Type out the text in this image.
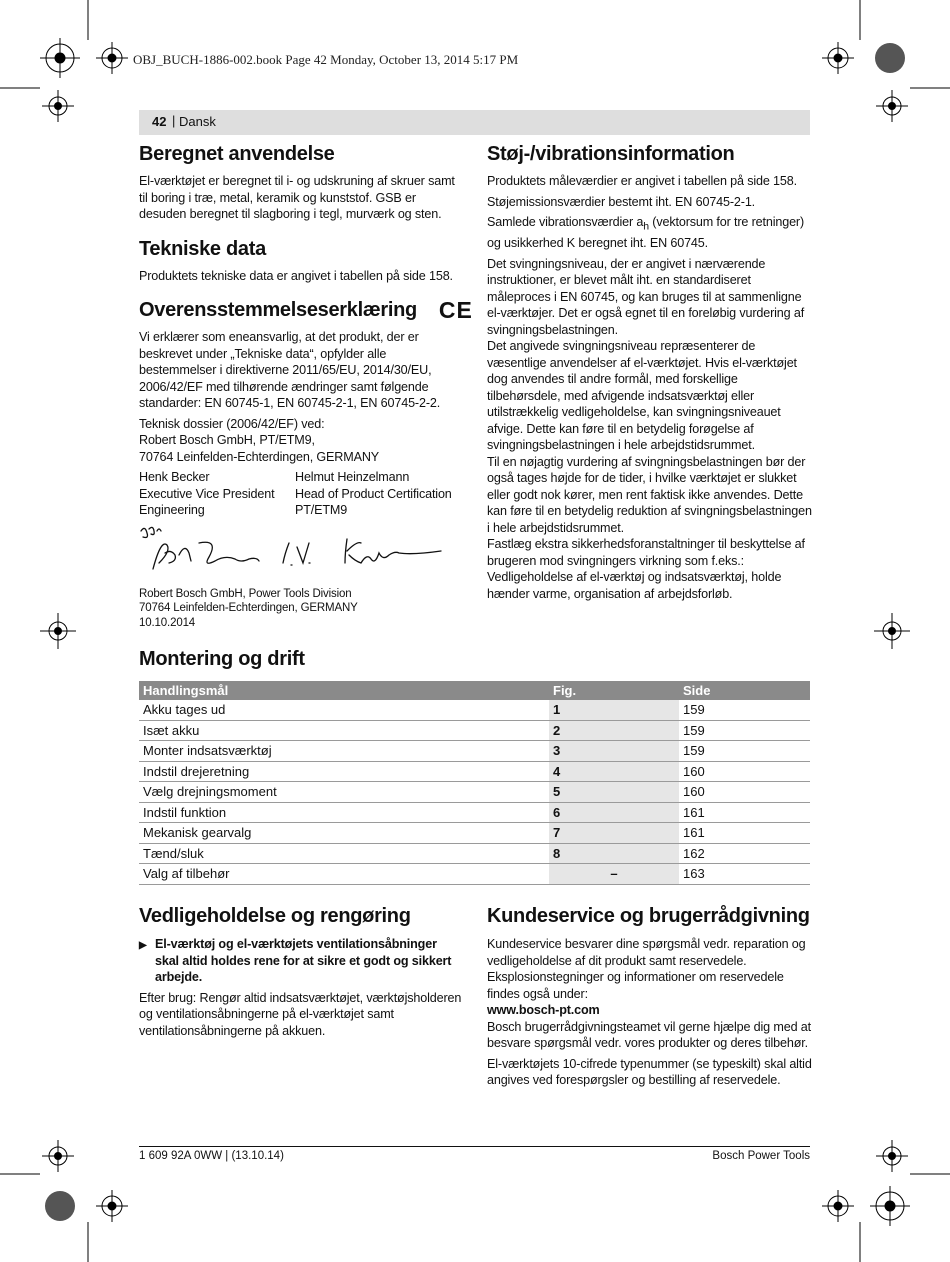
OBJ_BUCH-1886-002.book Page 42 Monday, October 13, 2014 5:17 PM
42 | Dansk
Beregnet anvendelse

El-værktøjet er beregnet til i- og udskruning af skruer samt til boring i træ, metal, keramik og kunststof. GSB er desuden beregnet til slagboring i tegl, murværk og sten.

Tekniske data

Produktets tekniske data er angivet i tabellen på side 158.

Overensstemmelseserklæring CE

Vi erklærer som eneansvarlig, at det produkt, der er beskrevet under „Tekniske data“, opfylder alle bestemmelser i direktiverne 2011/65/EU, 2014/30/EU, 2006/42/EF med tilhørende ændringer samt følgende standarder: EN 60745-1, EN 60745-2-1, EN 60745-2-2.

Teknisk dossier (2006/42/EF) ved:
Robert Bosch GmbH, PT/ETM9,
70764 Leinfelden-Echterdingen, GERMANY
Henk Becker
Executive Vice President
Engineering
Helmut Heinzelmann
Head of Product Certification
PT/ETM9
Robert Bosch GmbH, Power Tools Division
70764 Leinfelden-Echterdingen, GERMANY
10.10.2014
Støj-/vibrationsinformation

Produktets måleværdier er angivet i tabellen på side 158.

Støjemissionsværdier bestemt iht. EN 60745-2-1.

Samlede vibrationsværdier $a_h$ (vektorsum for tre retninger) og usikkerhed K beregnet iht. EN 60745.

Det svingningsniveau, der er angivet i nærværende instruktioner, er blevet målt iht. en standardiseret måleproces i EN 60745, og kan bruges til at sammenligne el-værktøjer. Det er også egnet til en foreløbig vurdering af svingningsbelastningen.

Det angivede svingningsniveau repræsenterer de væsentlige anvendelser af el-værktøjet. Hvis el-værktøjet dog anvendes til andre formål, med forskellige tilbehørsdele, med afvigende indsatsværktøj eller utilstrækkelig vedligeholdelse, kan svingningsniveauet afvige. Dette kan føre til en betydelig forøgelse af svingningsbelastningen i hele arbejdstidsrummet.

Til en nøjagtig vurdering af svingningsbelastningen bør der også tages højde for de tider, i hvilke værktøjet er slukket eller godt nok kører, men rent faktisk ikke anvendes. Dette kan føre til en betydelig reduktion af svingningsbelastningen i hele arbejdstidsrummet.

Fastlæg ekstra sikkerhedsforanstaltninger til beskyttelse af brugeren mod svingningers virkning som f.eks.: Vedligeholdelse af el-værktøj og indsatsværktøj, holde hænder varme, organisation af arbejdsforløb.

Montering og drift
Handlingsmål	Fig.	Side
Akku tages ud	1	159
Isæt akku	2	159
Monter indsatsværktøj	3	159
Indstil drejeretning	4	160
Vælg drejningsmoment	5	160
Indstil funktion	6	161
Mekanisk gearvalg	7	161
Tænd/sluk	8	162
Valg af tilbehør	–	163
Vedligeholdelse og rengøring
▶ El-værktøj og el-værktøjets ventilationsåbninger skal altid holdes rene for at sikre et godt og sikkert arbejde.

Efter brug: Rengør altid indsatsværktøjet, værktøjsholderen og ventilationsåbningerne på el-værktøjet samt ventilationsåbningerne på akkuen.

Kundeservice og brugerrådgivning
Kundeservice besvarer dine spørgsmål vedr. reparation og vedligeholdelse af dit produkt samt reservedele. Eksplosionstegninger og informationer om reservedele findes også under:
www.bosch-pt.com

Bosch brugerrådgivningsteamet vil gerne hjælpe dig med at besvare spørgsmål vedr. vores produkter og deres tilbehør.

El-værktøjets 10-cifrede typenummer (se typeskilt) skal altid angives ved forespørgsler og bestilling af reservedele.

1 609 92A 0WW | (13.10.14)	Bosch Power Tools
